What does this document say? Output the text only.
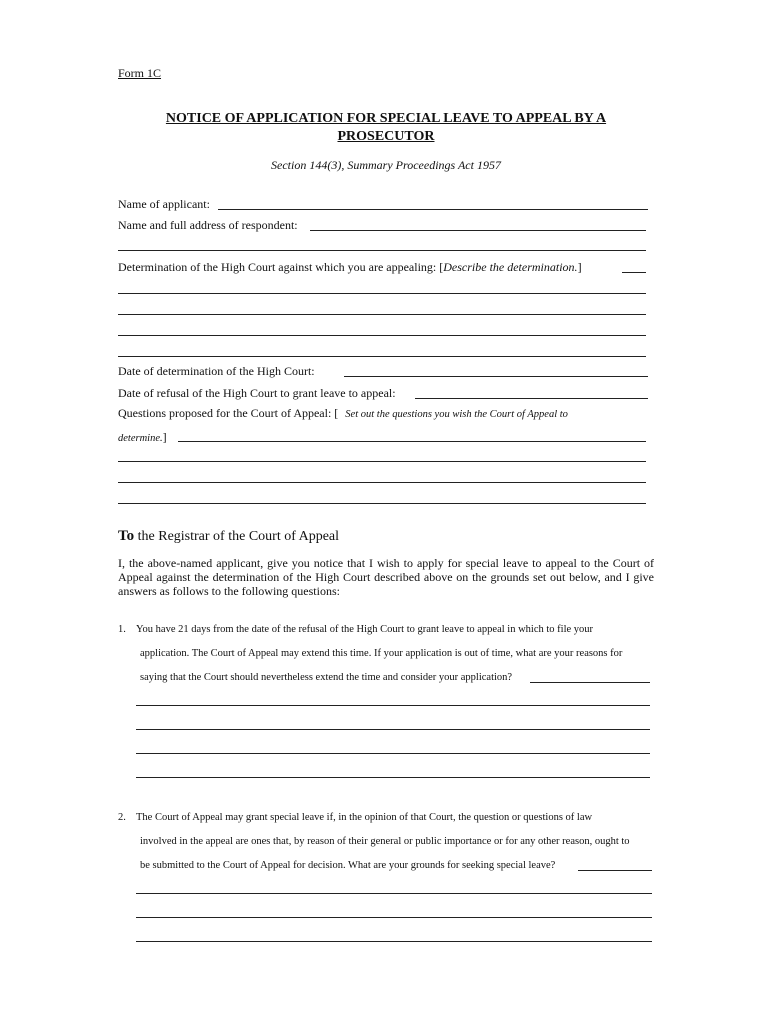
Form 1C
NOTICE OF APPLICATION FOR SPECIAL LEAVE TO APPEAL BY A PROSECUTOR
Section 144(3), Summary Proceedings Act 1957
Name of applicant:
Name and full address of respondent:
Determination of the High Court against which you are appealing: [Describe the determination.]
Date of determination of the High Court:
Date of refusal of the High Court to grant leave to appeal:
Questions proposed for the Court of Appeal: [ Set out the questions you wish the Court of Appeal to
determine.]
To the Registrar of the Court of Appeal
I, the above-named applicant, give you notice that I wish to apply for special leave to appeal to the Court of Appeal against the determination of the High Court described above on the grounds set out below, and I give answers as follows to the following questions:
1. You have 21 days from the date of the refusal of the High Court to grant leave to appeal in which to file your
application. The Court of Appeal may extend this time. If your application is out of time, what are your reasons for
saying that the Court should nevertheless extend the time and consider your application?
2. The Court of Appeal may grant special leave if, in the opinion of that Court, the question or questions of law
involved in the appeal are ones that, by reason of their general or public importance or for any other reason, ought to
be submitted to the Court of Appeal for decision. What are your grounds for seeking special leave?
